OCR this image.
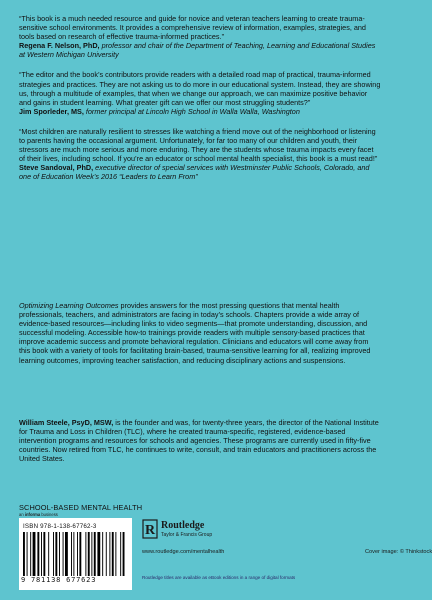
“This book is a much needed resource and guide for novice and veteran teachers learning to create trauma-sensitive school environments. It provides a comprehensive review of information, examples, strategies, and tools based on research of effective trauma-informed practices.”
Regena F. Nelson, PhD, professor and chair of the Department of Teaching, Learning and Educational Studies at Western Michigan University
“The editor and the book’s contributors provide readers with a detailed road map of practical, trauma-informed strategies and practices. They are not asking us to do more in our educational system. Instead, they are showing us, through a multitude of examples, that when we change our approach, we can maximize positive behavior and gains in student learning. What greater gift can we offer our most struggling students?”
Jim Sporleder, MS, former principal at Lincoln High School in Walla Walla, Washington
“Most children are naturally resilient to stresses like watching a friend move out of the neighborhood or listening to parents having the occasional argument. Unfortunately, for far too many of our children and youth, their stressors are much more serious and more enduring. They are the students whose trauma impacts every facet of their lives, including school. If you’re an educator or school mental health specialist, this book is a must read!”
Steve Sandoval, PhD, executive director of special services with Westminster Public Schools, Colorado, and one of Education Week’s 2016 “Leaders to Learn From”
Optimizing Learning Outcomes provides answers for the most pressing questions that mental health professionals, teachers, and administrators are facing in today’s schools. Chapters provide a wide array of evidence-based resources—including links to video segments—that promote understanding, discussion, and successful modeling. Accessible how-to trainings provide readers with multiple sensory-based practices that improve academic success and promote behavioral regulation. Clinicians and educators will come away from this book with a variety of tools for facilitating brain-based, trauma-sensitive learning for all, realizing improved learning outcomes, improving teacher satisfaction, and reducing disciplinary actions and suspensions.
William Steele, PsyD, MSW, is the founder and was, for twenty-three years, the director of the National Institute for Trauma and Loss in Children (TLC), where he created trauma-specific, registered, evidence-based intervention programs and resources for schools and agencies. These programs are currently used in fifty-five countries. Now retired from TLC, he continues to write, consult, and train educators and practitioners across the United States.
SCHOOL-BASED MENTAL HEALTH
an informa business
ISBN 978-1-138-67762-3
9 781138 677623
R Routledge
Taylor & Francis Group
www.routledge.com/mentalhealth	Cover image: © Thinkstock
Routledge titles are available as eBook editions in a range of digital formats
